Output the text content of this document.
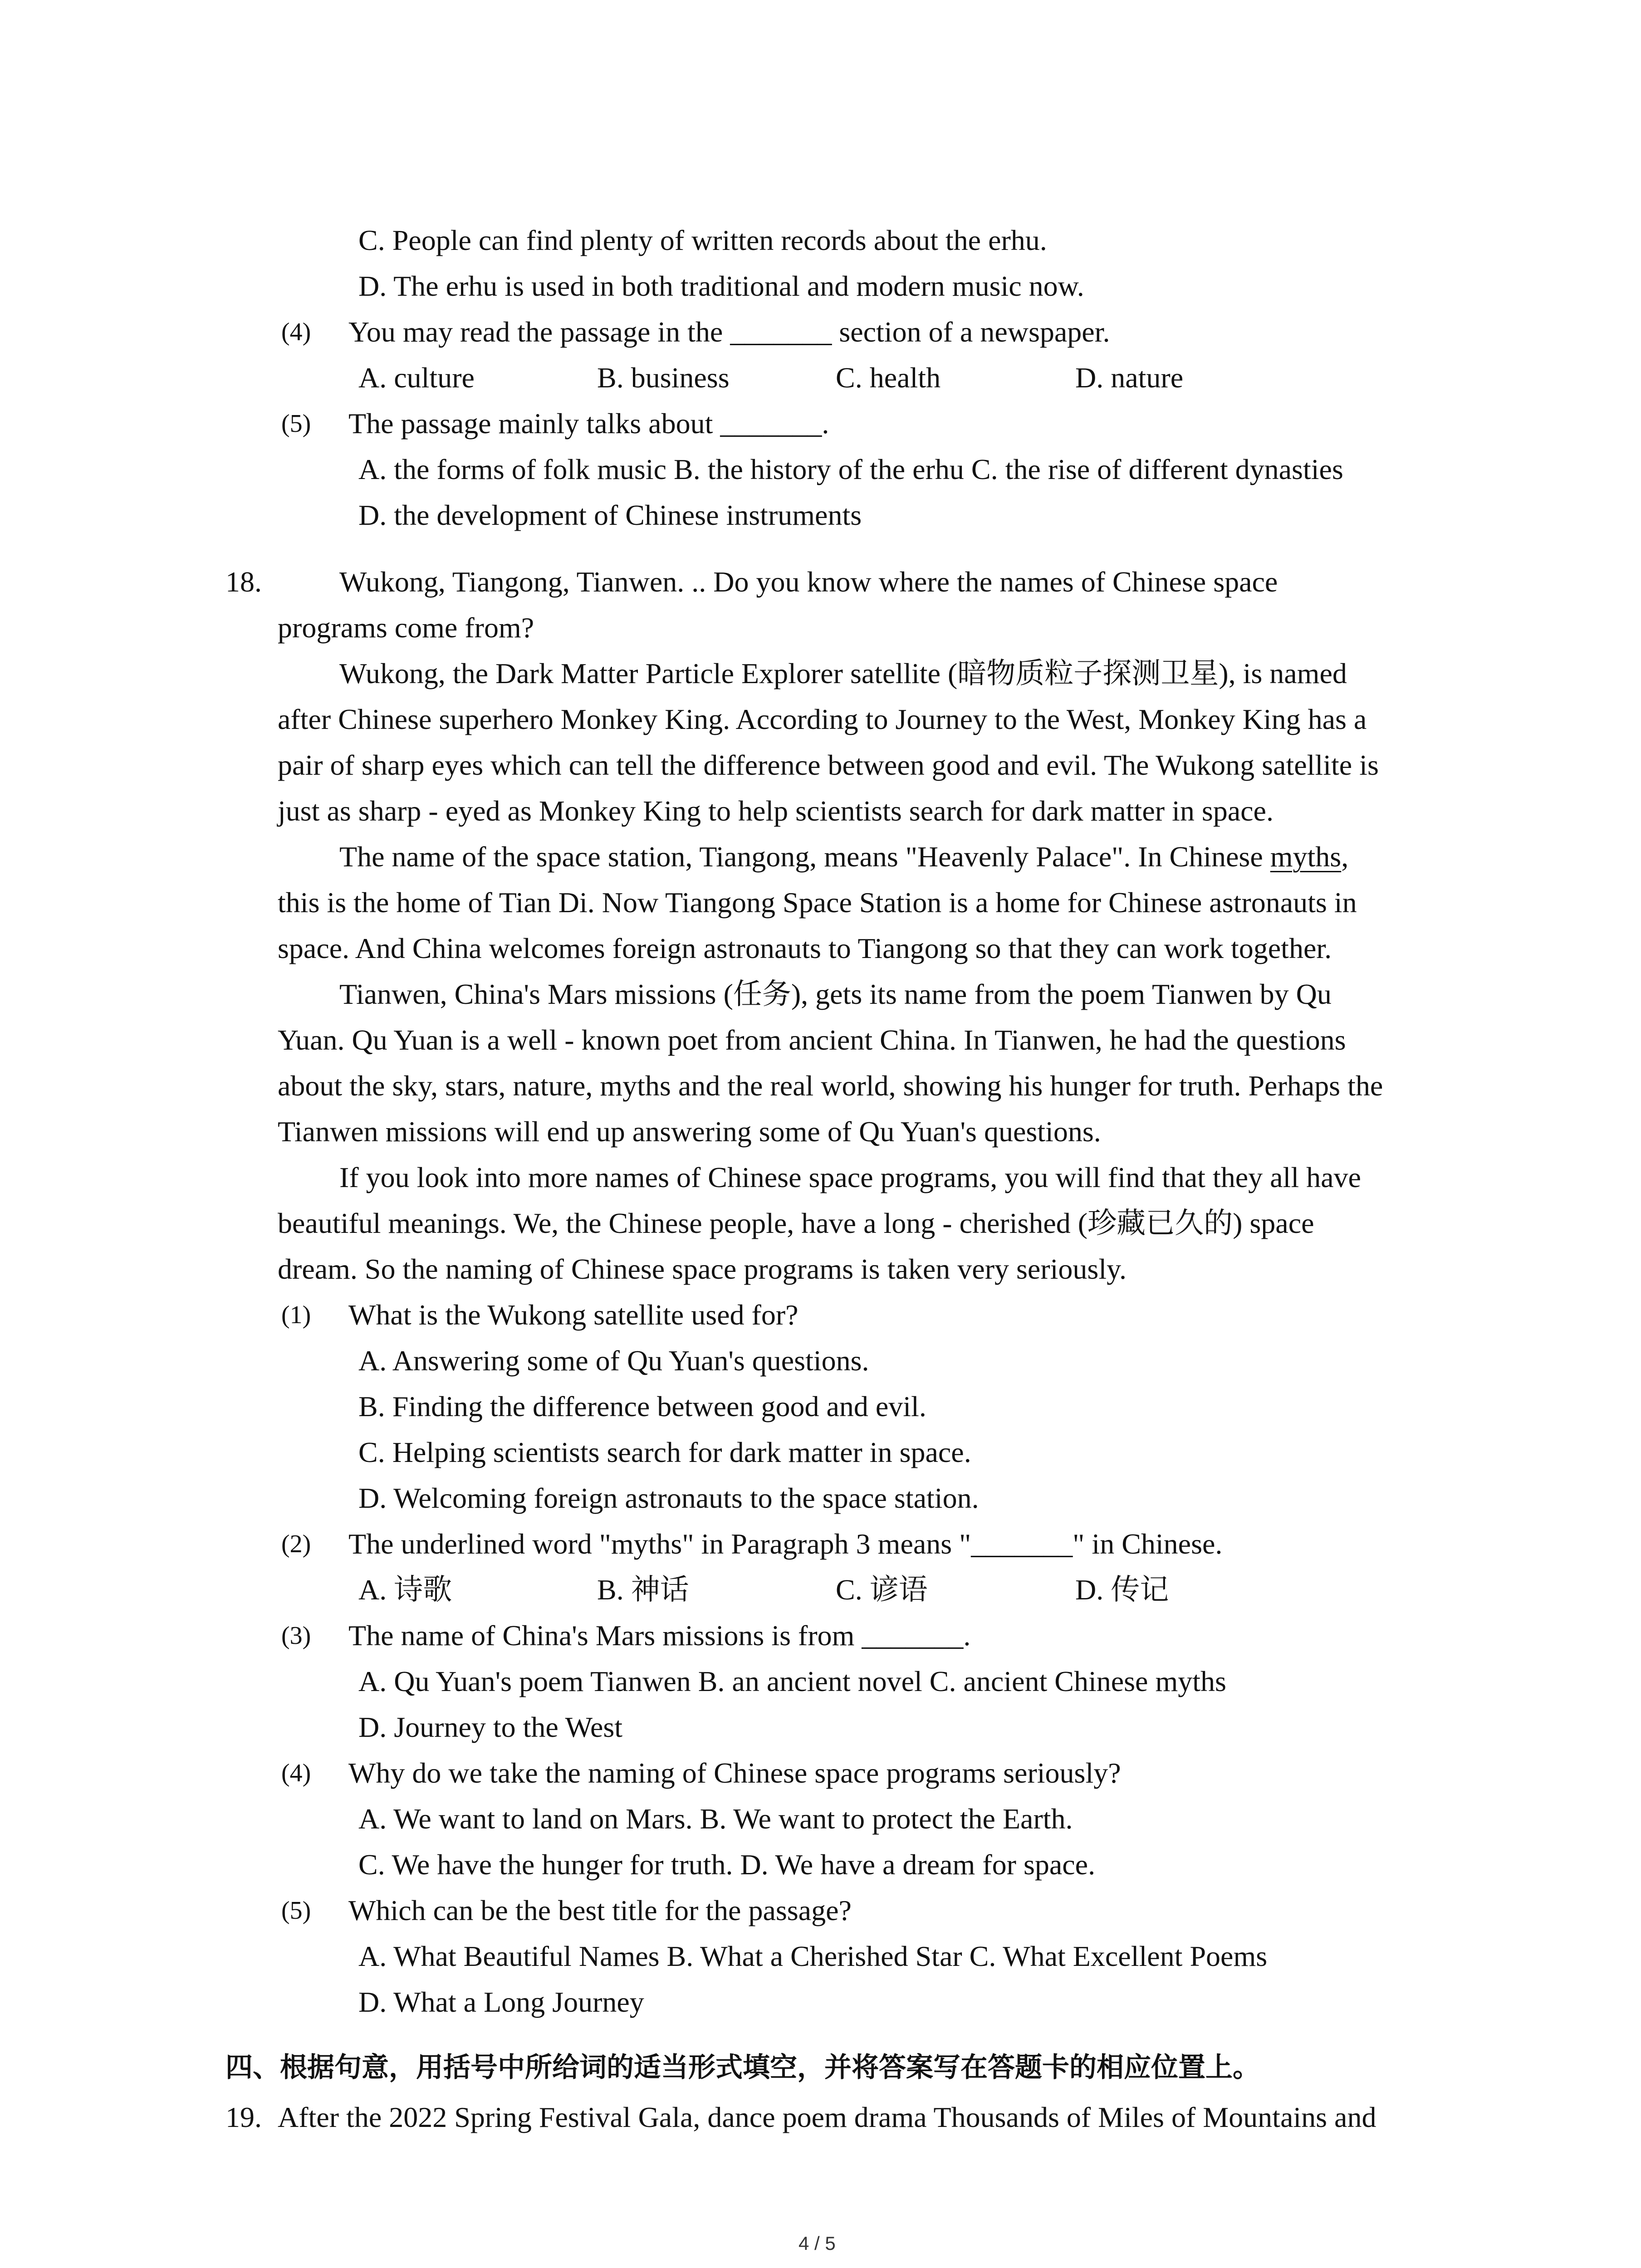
C. People can find plenty of written records about the erhu.
D. The erhu is used in both traditional and modern music now.
(4) You may read the passage in the _______ section of a newspaper.
A. culture	B. business	C. health	D. nature
(5) The passage mainly talks about _______.
A. the forms of folk music B. the history of the erhu C. the rise of different dynasties
D. the development of Chinese instruments
18.	Wukong, Tiangong, Tianwen. .. Do you know where the names of Chinese space
programs come from?
Wukong, the Dark Matter Particle Explorer satellite (暗物质粒子探测卫星), is named
after Chinese superhero Monkey King. According to Journey to the West, Monkey King has a
pair of sharp eyes which can tell the difference between good and evil. The Wukong satellite is
just as sharp - eyed as Monkey King to help scientists search for dark matter in space.
The name of the space station, Tiangong, means "Heavenly Palace". In Chinese myths,
this is the home of Tian Di. Now Tiangong Space Station is a home for Chinese astronauts in
space. And China welcomes foreign astronauts to Tiangong so that they can work together.
Tianwen, China's Mars missions (任务), gets its name from the poem Tianwen by Qu
Yuan. Qu Yuan is a well - known poet from ancient China. In Tianwen, he had the questions
about the sky, stars, nature, myths and the real world, showing his hunger for truth. Perhaps the
Tianwen missions will end up answering some of Qu Yuan's questions.
If you look into more names of Chinese space programs, you will find that they all have
beautiful meanings. We, the Chinese people, have a long - cherished (珍藏已久的) space
dream. So the naming of Chinese space programs is taken very seriously.
(1) What is the Wukong satellite used for?
A. Answering some of Qu Yuan's questions.
B. Finding the difference between good and evil.
C. Helping scientists search for dark matter in space.
D. Welcoming foreign astronauts to the space station.
(2) The underlined word "myths" in Paragraph 3 means "_______" in Chinese.
A. 诗歌	B. 神话	C. 谚语	D. 传记
(3) The name of China's Mars missions is from _______.
A. Qu Yuan's poem Tianwen B. an ancient novel C. ancient Chinese myths
D. Journey to the West
(4) Why do we take the naming of Chinese space programs seriously?
A. We want to land on Mars. B. We want to protect the Earth.
C. We have the hunger for truth. D. We have a dream for space.
(5) Which can be the best title for the passage?
A. What Beautiful Names B. What a Cherished Star C. What Excellent Poems
D. What a Long Journey
四、根据句意，用括号中所给词的适当形式填空，并将答案写在答题卡的相应位置上。
19. After the 2022 Spring Festival Gala, dance poem drama Thousands of Miles of Mountains and
4 / 5
